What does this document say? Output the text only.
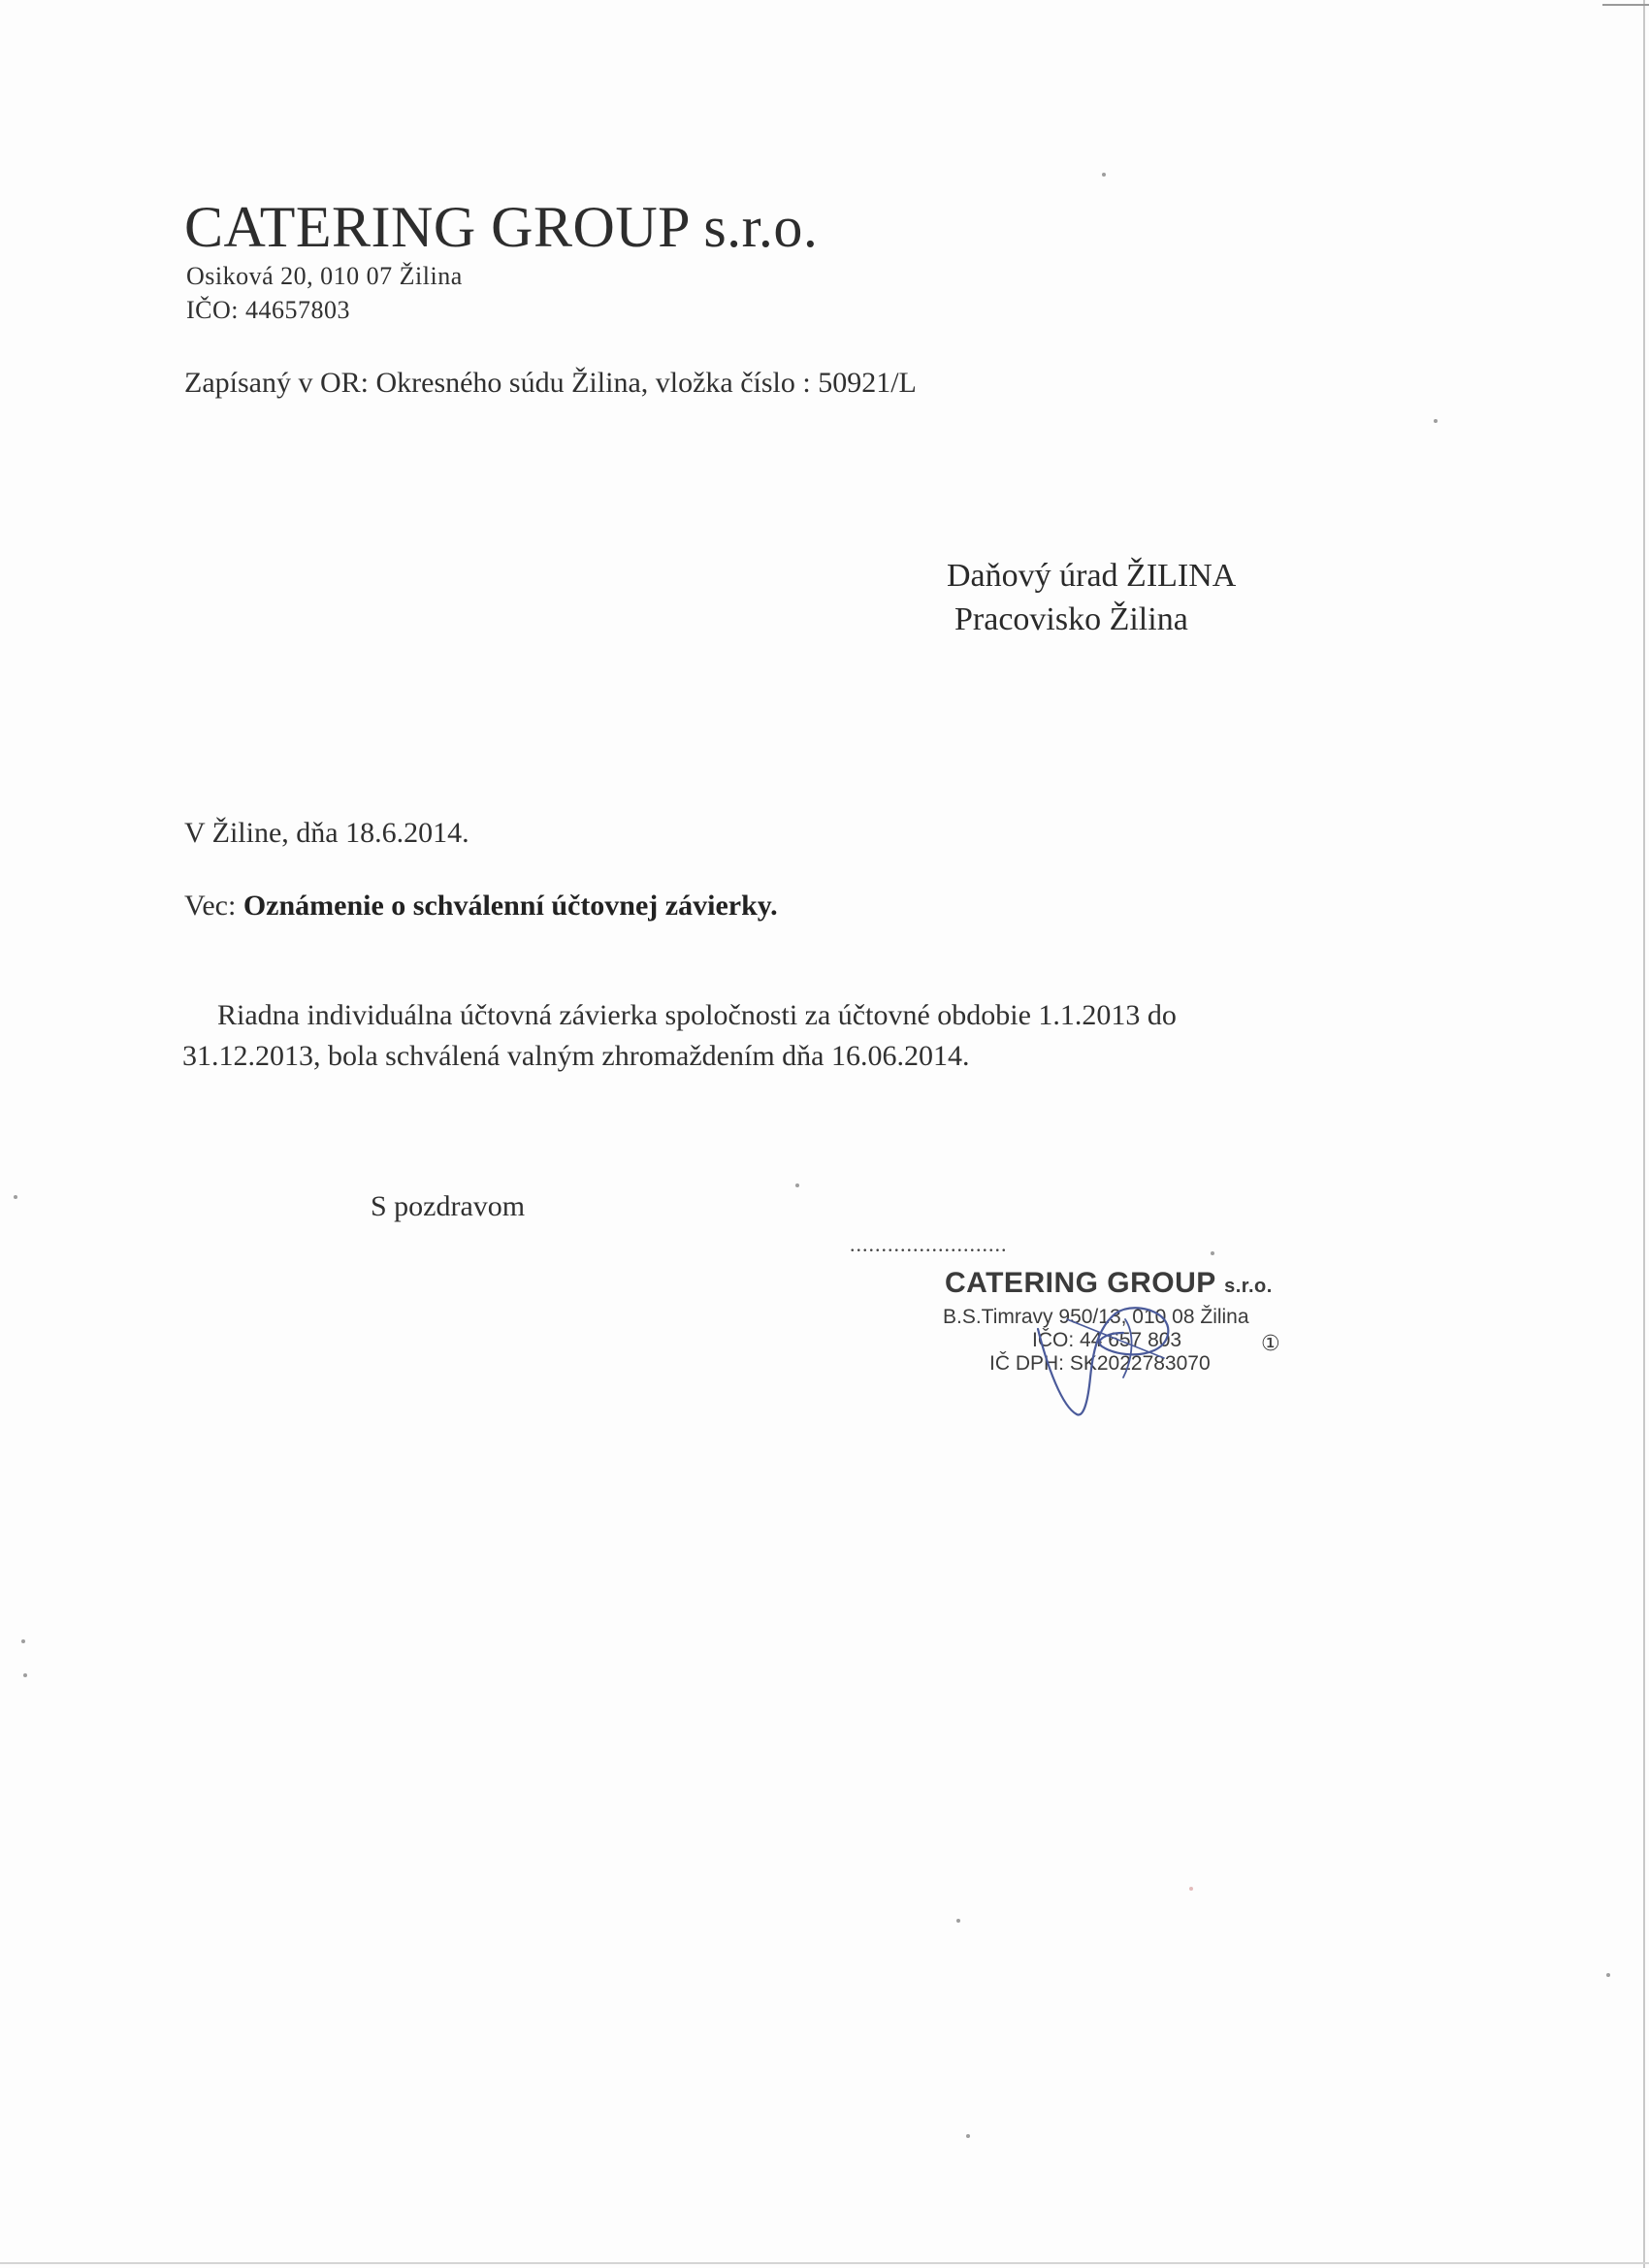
CATERING GROUP s.r.o.
Osiková 20, 010 07 Žilina
IČO: 44657803
Zapísaný v OR: Okresného súdu Žilina, vložka číslo : 50921/L
Daňový úrad ŽILINA
Pracovisko Žilina
V Žiline, dňa 18.6.2014.
Vec: Oznámenie o schválenní účtovnej závierky.
Riadna individuálna účtovná závierka spoločnosti za účtovné obdobie 1.1.2013 do
31.12.2013, bola schválená valným zhromaždením dňa 16.06.2014.
S pozdravom
.........................
CATERING GROUP s.r.o.
B.S.Timravy 950/13, 010 08 Žilina
IČO: 44 657 803
IČ DPH: SK2022783070
①
